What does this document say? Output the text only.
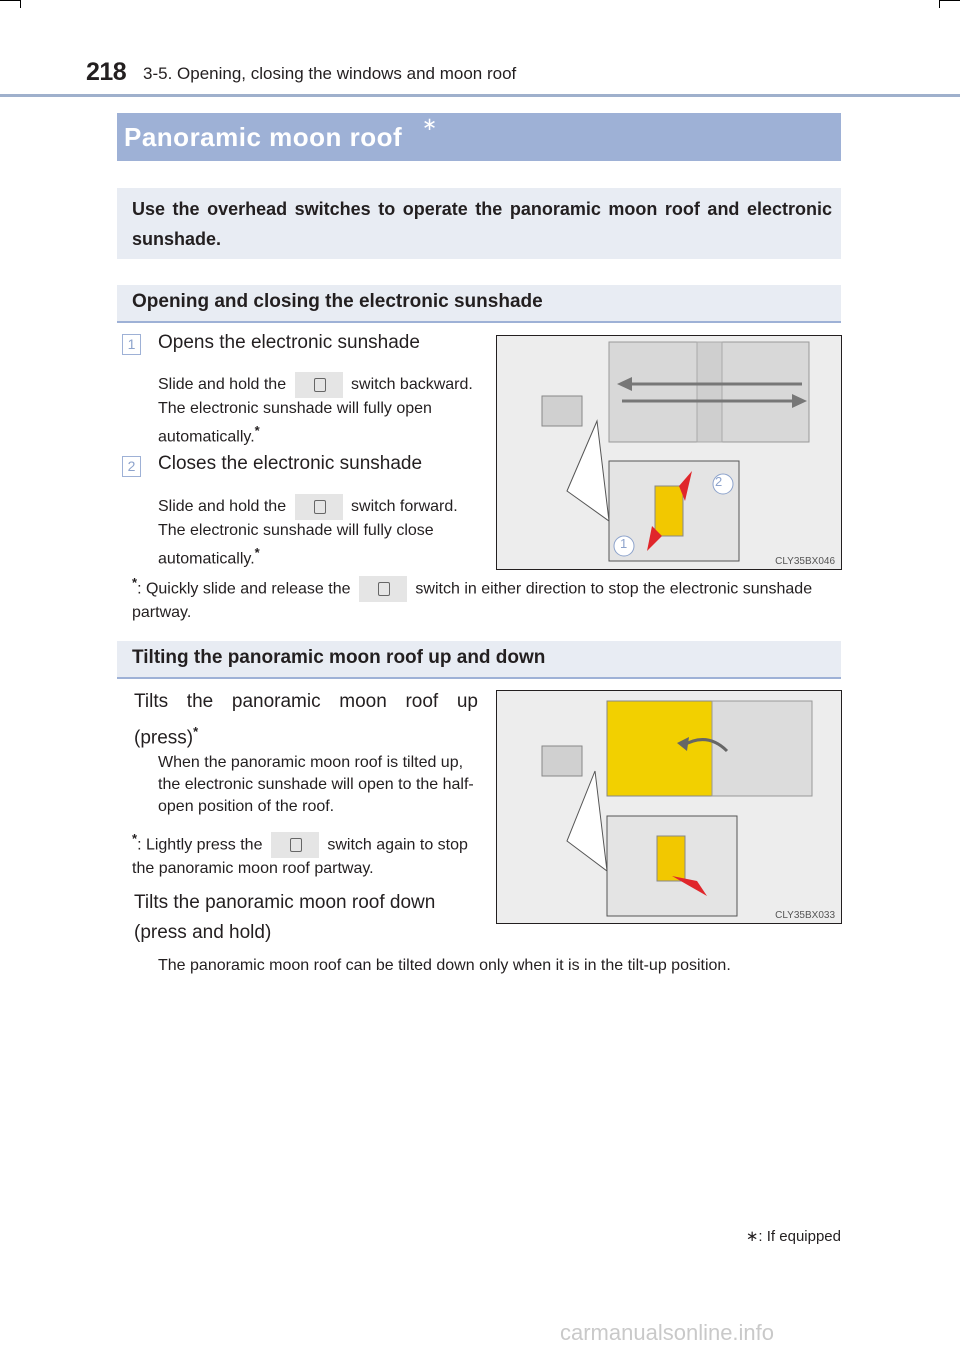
218 3-5. Opening, closing the windows and moon roof
Panoramic moon roof ∗
Use the overhead switches to operate the panoramic moon roof and electronic sunshade.
Opening and closing the electronic sunshade
1 Opens the electronic sunshade
Slide and hold the	switch backward. The electronic sunshade will fully open automatically.*
2 Closes the electronic sunshade
Slide and hold the	switch forward. The electronic sunshade will fully close automatically.*
*: Quickly slide and release the	switch in either direction to stop the electronic sunshade partway.
2
1
CLY35BX046
Tilting the panoramic moon roof up and down
Tilts the panoramic moon roof up (press)*
When the panoramic moon roof is tilted up, the electronic sunshade will open to the half-open position of the roof.
*: Lightly press the	switch again to stop the panoramic moon roof partway.
Tilts the panoramic moon roof down (press and hold)
The panoramic moon roof can be tilted down only when it is in the tilt-up position.
CLY35BX033
∗: If equipped
carmanualsonline.info
